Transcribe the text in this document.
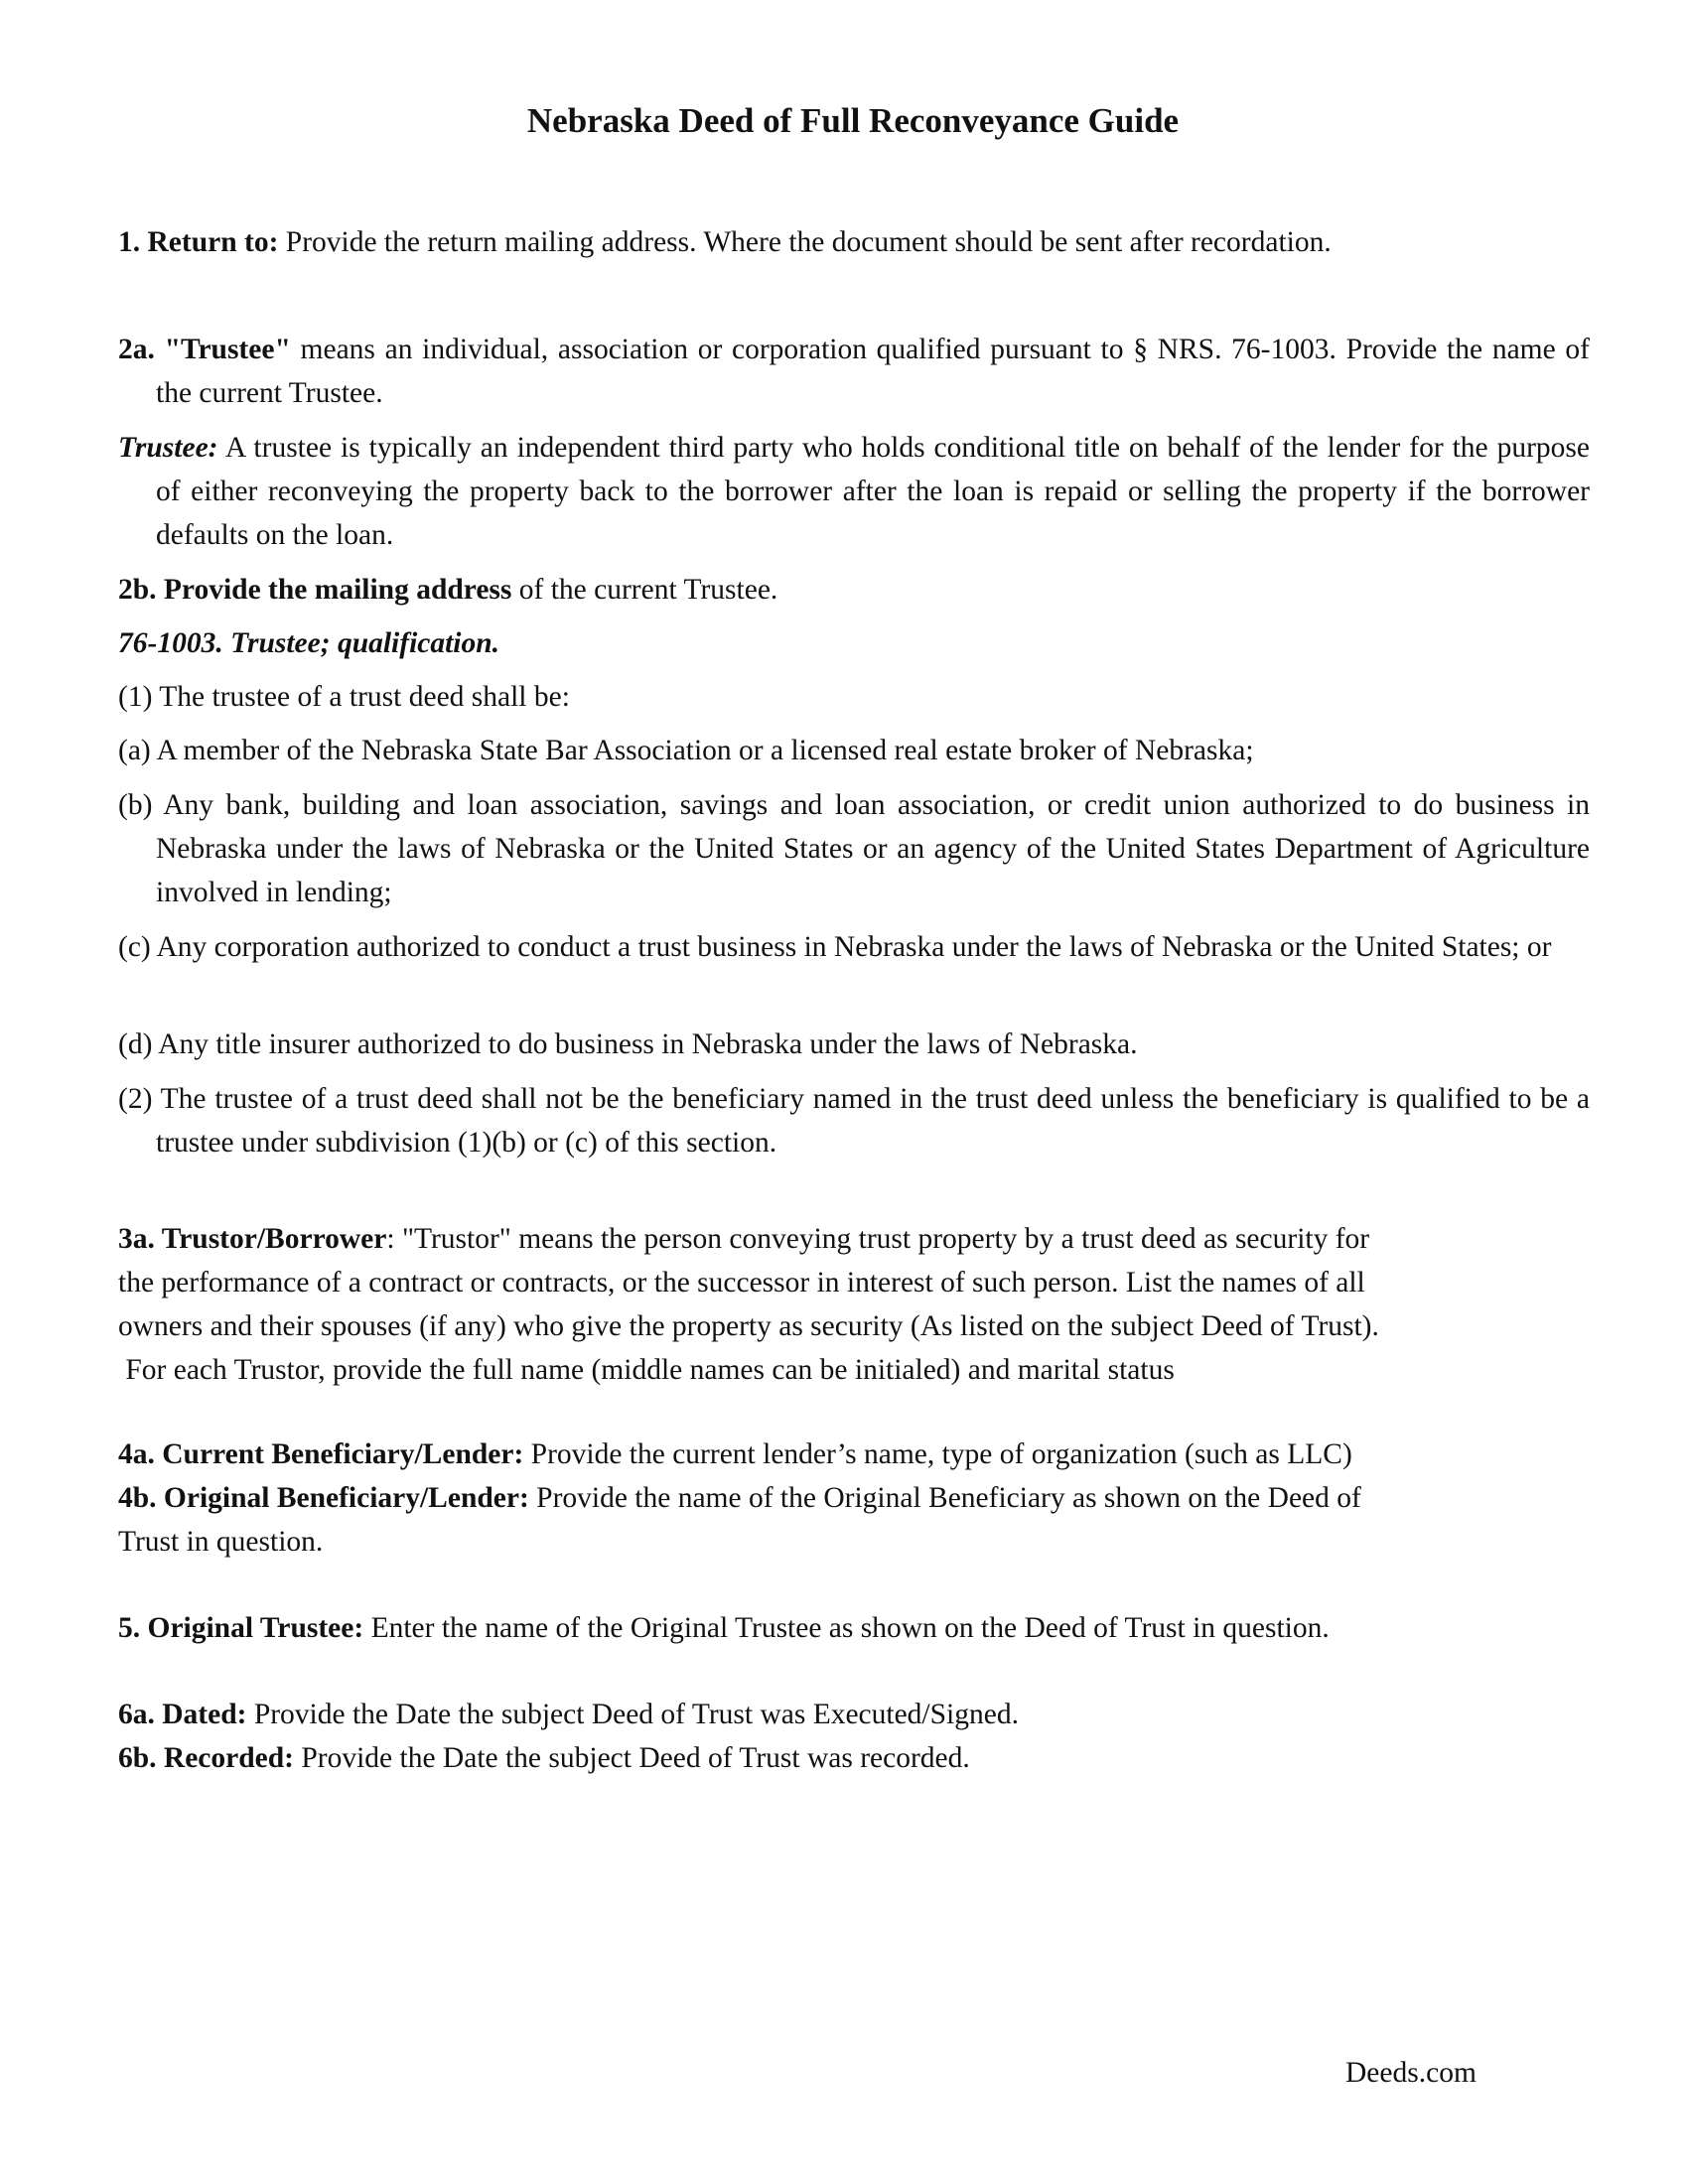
Nebraska Deed of Full Reconveyance Guide

1. Return to: Provide the return mailing address. Where the document should be sent after recordation.

2a. "Trustee" means an individual, association or corporation qualified pursuant to § NRS. 76-1003. Provide the name of the current Trustee.

Trustee: A trustee is typically an independent third party who holds conditional title on behalf of the lender for the purpose of either reconveying the property back to the borrower after the loan is repaid or selling the property if the borrower defaults on the loan.

2b. Provide the mailing address of the current Trustee.

76-1003. Trustee; qualification.

(1) The trustee of a trust deed shall be:

(a) A member of the Nebraska State Bar Association or a licensed real estate broker of Nebraska;

(b) Any bank, building and loan association, savings and loan association, or credit union authorized to do business in Nebraska under the laws of Nebraska or the United States or an agency of the United States Department of Agriculture involved in lending;

(c) Any corporation authorized to conduct a trust business in Nebraska under the laws of Nebraska or the United States; or

(d) Any title insurer authorized to do business in Nebraska under the laws of Nebraska.

(2) The trustee of a trust deed shall not be the beneficiary named in the trust deed unless the beneficiary is qualified to be a trustee under subdivision (1)(b) or (c) of this section.

3a. Trustor/Borrower: "Trustor" means the person conveying trust property by a trust deed as security for
the performance of a contract or contracts, or the successor in interest of such person. List the names of all
owners and their spouses (if any) who give the property as security (As listed on the subject Deed of Trust).
For each Trustor, provide the full name (middle names can be initialed) and marital status
4a. Current Beneficiary/Lender: Provide the current lender’s name, type of organization (such as LLC)
4b. Original Beneficiary/Lender: Provide the name of the Original Beneficiary as shown on the Deed of
Trust in question.

5. Original Trustee: Enter the name of the Original Trustee as shown on the Deed of Trust in question.

6a. Dated: Provide the Date the subject Deed of Trust was Executed/Signed.
6b. Recorded: Provide the Date the subject Deed of Trust was recorded.
Deeds.com
